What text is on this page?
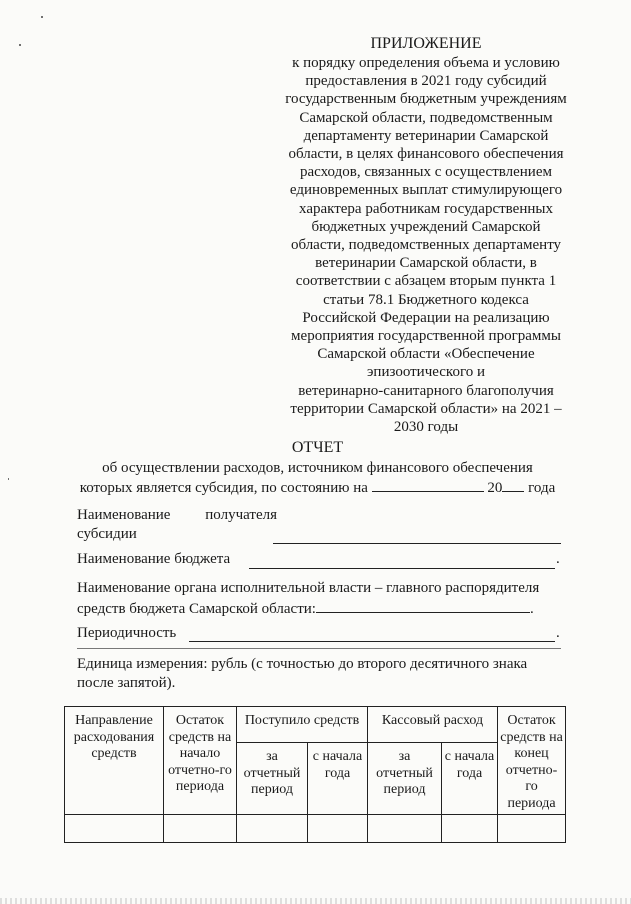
ПРИЛОЖЕНИЕ
к порядку определения объема и условию
предоставления в 2021 году субсидий
государственным бюджетным учреждениям
Самарской области, подведомственным
департаменту ветеринарии Самарской
области, в целях финансового обеспечения
расходов, связанных с осуществлением
единовременных выплат стимулирующего
характера работникам государственных
бюджетных учреждений Самарской
области, подведомственных департаменту
ветеринарии Самарской области, в
соответствии с абзацем вторым пункта 1
статьи 78.1 Бюджетного кодекса
Российской Федерации на реализацию
мероприятия государственной программы
Самарской области «Обеспечение
эпизоотического и
ветеринарно-санитарного благополучия
территории Самарской области» на 2021 –
2030 годы
ОТЧЕТ
об осуществлении расходов, источником финансового обеспечения
которых является субсидия, по состоянию на	20 года
Наименование получателя
субсидии
Наименование бюджета	.
Наименование органа исполнительной власти – главного распорядителя
средств бюджета Самарской области:	.
Периодичность	.
Единица измерения: рубль (с точностью до второго десятичного знака
после запятой).
Направление расходования средств	Остаток средств на начало отчетно-го периода	Поступило средств		Кассовый расход		Остаток средств на конец отчетно-го периода
		за отчетный период	с начала года	за отчетный период	с начала года	
